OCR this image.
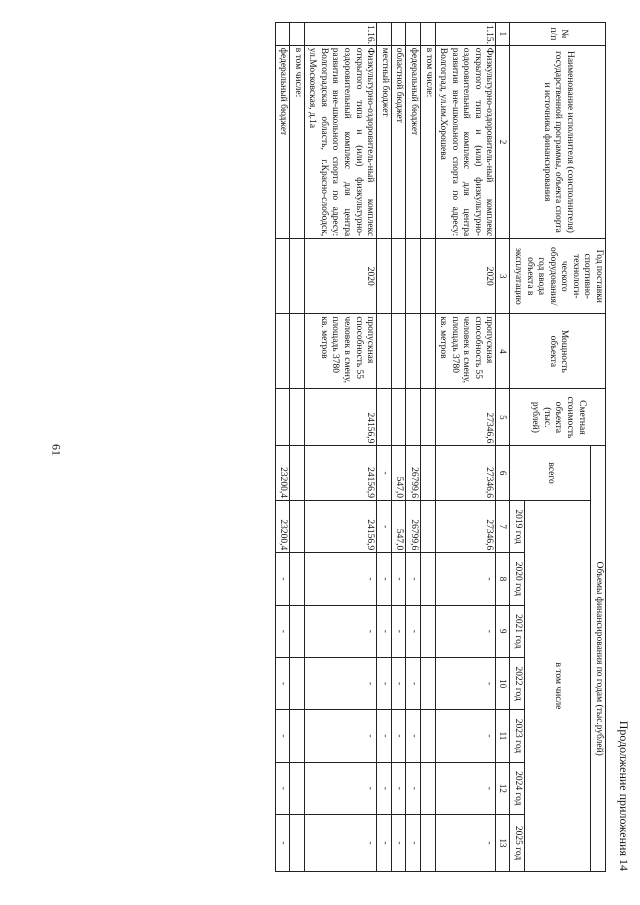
61
Продолжение приложения 14
№ п/п	Наименование исполнителя (соисполнителя) государственной программы, объекта спорта и источника финансирования	Год поставки спортивно-технологи-ческого оборудования/ год ввода объекта в эксплуатацию	Мощность объекта	Сметная стоимость объекта (тыс. рублей)	Объемы финансирования по годам (тыс.рублей)							
					всего	в том числе						
						2019 год	2020 год	2021 год	2022 год	2023 год	2024 год	2025 год
1	2	3	4	5	6	7	8	9	10	11	12	13
1.15.	Физкультурно-оздоровитель-ный комплекс открытого типа и (или) физкультурно-оздоровительный комплекс для центра развития вне-школьного спорта по адресу: Волгоград, ул.им.Хорошева	2020	пропускная способность 55 человек в смену, площадь 3780 кв. метров	27346,6	27346,6	27346,6	-	-	-	-	-	-
	в том числе:											
	федеральный бюджет				26799,6	26799,6	-	-	-	-	-	-
	областной бюджет				547,0	547,0	-	-	-	-	-	-
	местный бюджет				-	-	-	-	-	-	-	-
1.16.	Физкультурно-оздоровитель-ный комплекс открытого типа и (или) физкультурно-оздоровительный комплекс для центра развития вне-школьного спорта по адресу: Волгоградская область, г.Красно-слободск, ул.Московская, д.1а	2020	пропускная способность 55 человек в смену, площадь 3780 кв. метров	24156,9	24156,9	24156,9	-	-	-	-	-	-
	в том числе:											
	федеральный бюджет				23200,4	23200,4	-	-	-	-	-	-
